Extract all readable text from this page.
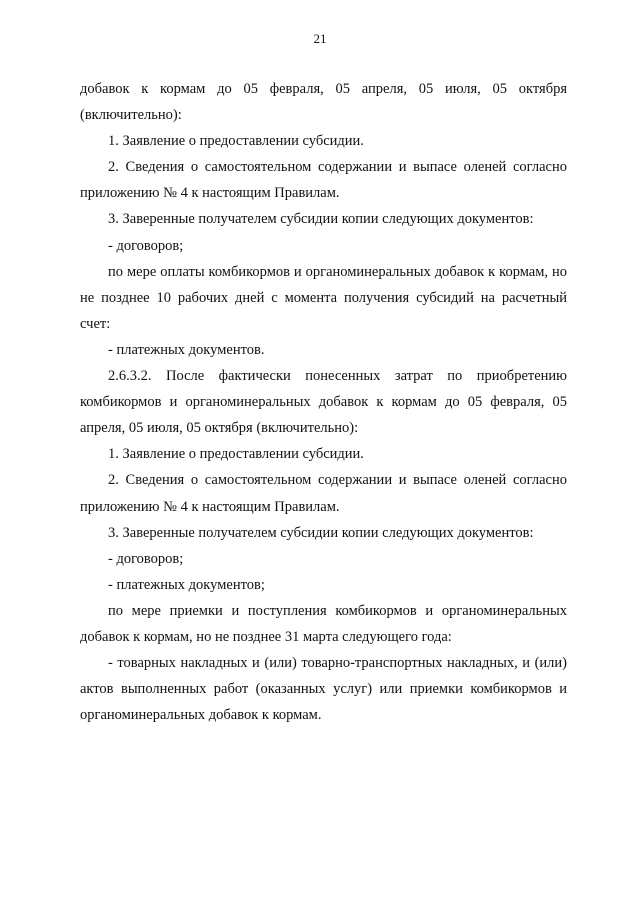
21

добавок к кормам до 05 февраля, 05 апреля, 05 июля, 05 октября (включительно):

1. Заявление о предоставлении субсидии.

2. Сведения о самостоятельном содержании и выпасе оленей согласно приложению № 4 к настоящим Правилам.

3. Заверенные получателем субсидии копии следующих документов:

- договоров;

по мере оплаты комбикормов и органоминеральных добавок к кормам, но не позднее 10 рабочих дней с момента получения субсидий на расчетный счет:

- платежных документов.

2.6.3.2. После фактически понесенных затрат по приобретению комбикормов и органоминеральных добавок к кормам до 05 февраля, 05 апреля, 05 июля, 05 октября (включительно):

1. Заявление о предоставлении субсидии.

2. Сведения о самостоятельном содержании и выпасе оленей согласно приложению № 4 к настоящим Правилам.

3. Заверенные получателем субсидии копии следующих документов:

- договоров;

- платежных документов;

по мере приемки и поступления комбикормов и органоминеральных добавок к кормам, но не позднее 31 марта следующего года:

- товарных накладных и (или) товарно-транспортных накладных, и (или) актов выполненных работ (оказанных услуг) или приемки комбикормов и органоминеральных добавок к кормам.
